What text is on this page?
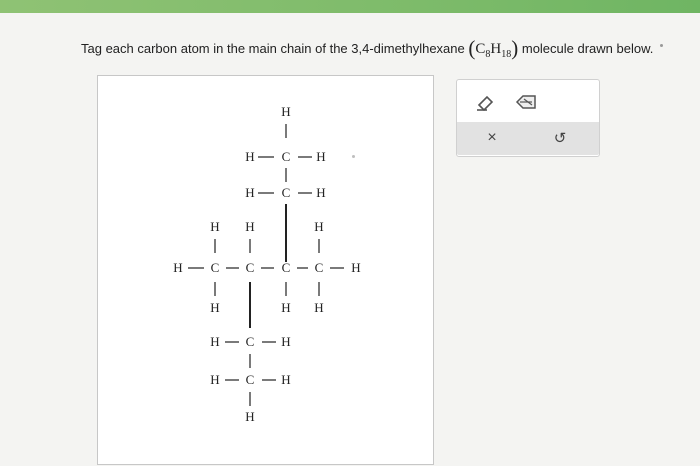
Tag each carbon atom in the main chain of the 3,4-dimethylhexane $(C_8H_{18})$ molecule drawn below.
H
H C H
H C H
H H	H
H C C C C H
H	H H
H C H
H C H
H
×	↺
